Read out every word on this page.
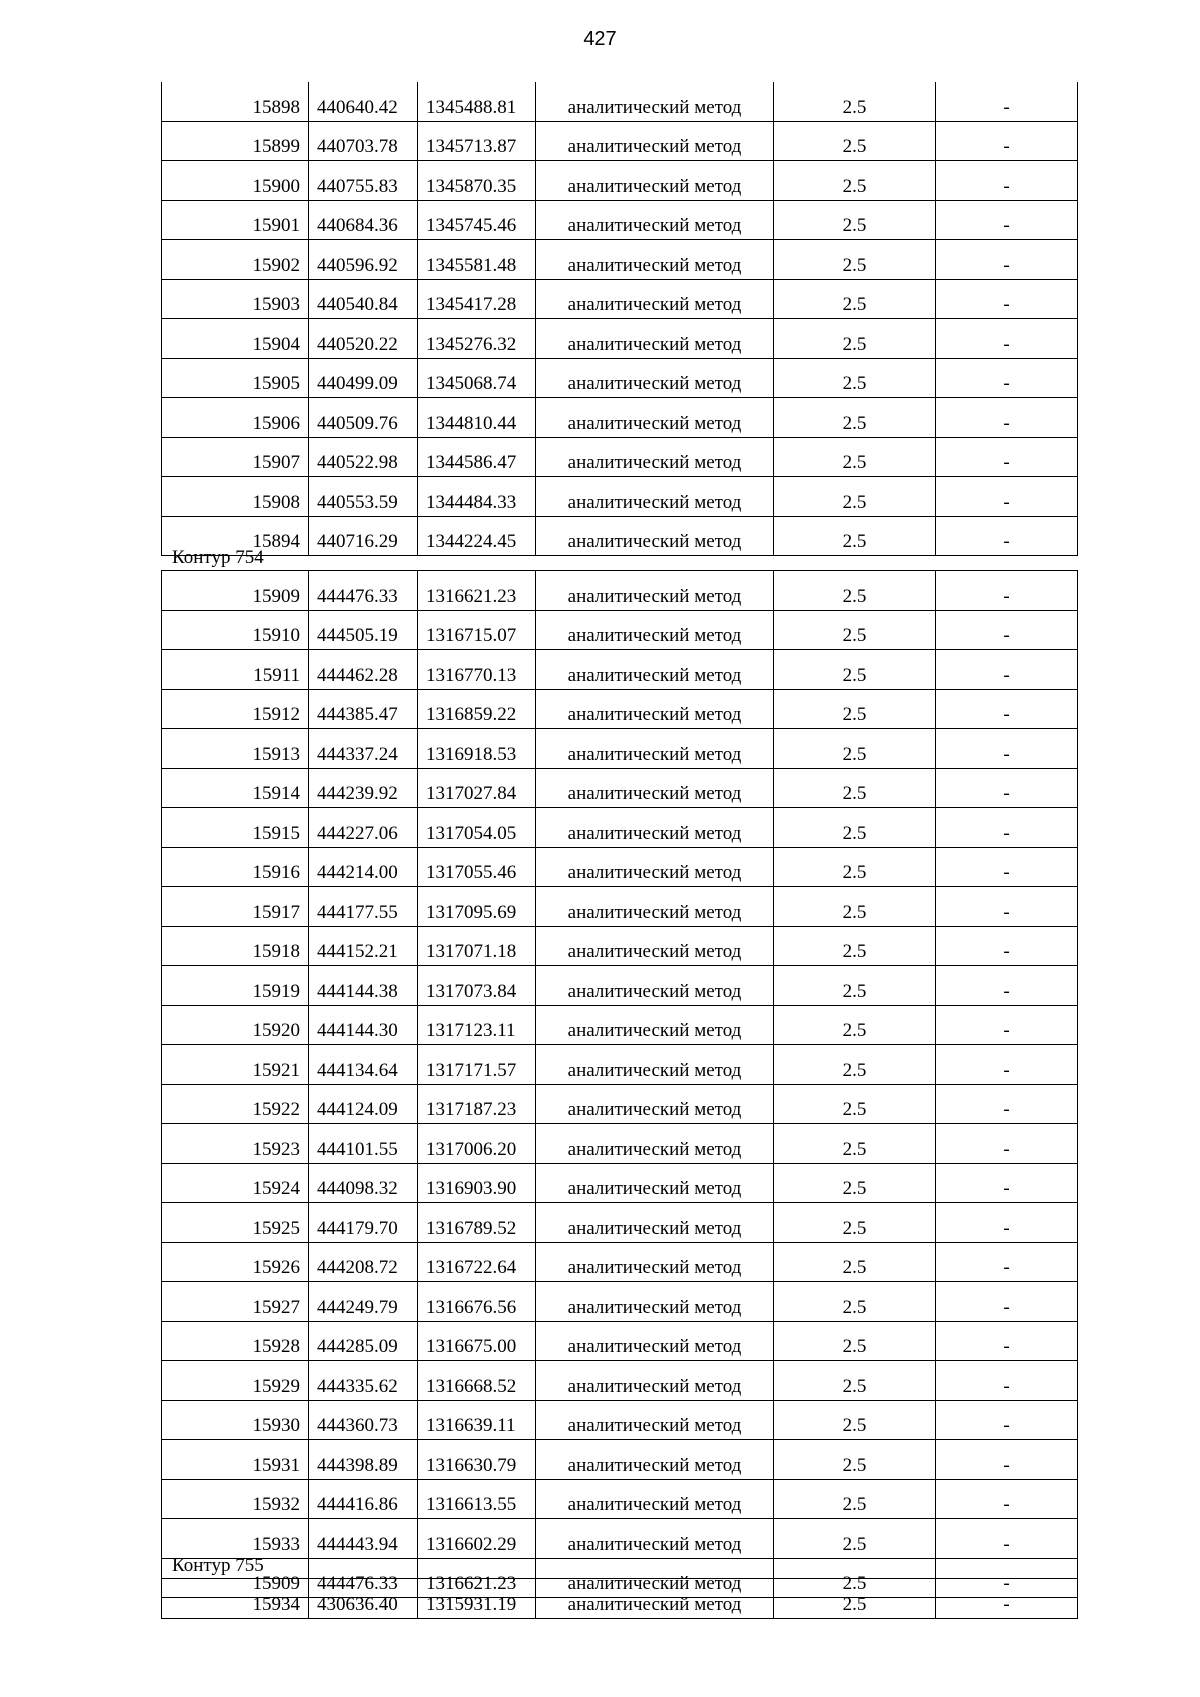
427
15898	440640.42	1345488.81	аналитический метод	2.5	-
15899	440703.78	1345713.87	аналитический метод	2.5	-
15900	440755.83	1345870.35	аналитический метод	2.5	-
15901	440684.36	1345745.46	аналитический метод	2.5	-
15902	440596.92	1345581.48	аналитический метод	2.5	-
15903	440540.84	1345417.28	аналитический метод	2.5	-
15904	440520.22	1345276.32	аналитический метод	2.5	-
15905	440499.09	1345068.74	аналитический метод	2.5	-
15906	440509.76	1344810.44	аналитический метод	2.5	-
15907	440522.98	1344586.47	аналитический метод	2.5	-
15908	440553.59	1344484.33	аналитический метод	2.5	-
15894	440716.29	1344224.45	аналитический метод	2.5	-
Контур 754
15909	444476.33	1316621.23	аналитический метод	2.5	-
15910	444505.19	1316715.07	аналитический метод	2.5	-
15911	444462.28	1316770.13	аналитический метод	2.5	-
15912	444385.47	1316859.22	аналитический метод	2.5	-
15913	444337.24	1316918.53	аналитический метод	2.5	-
15914	444239.92	1317027.84	аналитический метод	2.5	-
15915	444227.06	1317054.05	аналитический метод	2.5	-
15916	444214.00	1317055.46	аналитический метод	2.5	-
15917	444177.55	1317095.69	аналитический метод	2.5	-
15918	444152.21	1317071.18	аналитический метод	2.5	-
15919	444144.38	1317073.84	аналитический метод	2.5	-
15920	444144.30	1317123.11	аналитический метод	2.5	-
15921	444134.64	1317171.57	аналитический метод	2.5	-
15922	444124.09	1317187.23	аналитический метод	2.5	-
15923	444101.55	1317006.20	аналитический метод	2.5	-
15924	444098.32	1316903.90	аналитический метод	2.5	-
15925	444179.70	1316789.52	аналитический метод	2.5	-
15926	444208.72	1316722.64	аналитический метод	2.5	-
15927	444249.79	1316676.56	аналитический метод	2.5	-
15928	444285.09	1316675.00	аналитический метод	2.5	-
15929	444335.62	1316668.52	аналитический метод	2.5	-
15930	444360.73	1316639.11	аналитический метод	2.5	-
15931	444398.89	1316630.79	аналитический метод	2.5	-
15932	444416.86	1316613.55	аналитический метод	2.5	-
15933	444443.94	1316602.29	аналитический метод	2.5	-
15909	444476.33	1316621.23	аналитический метод	2.5	-
Контур 755
15934	430636.40	1315931.19	аналитический метод	2.5	-
